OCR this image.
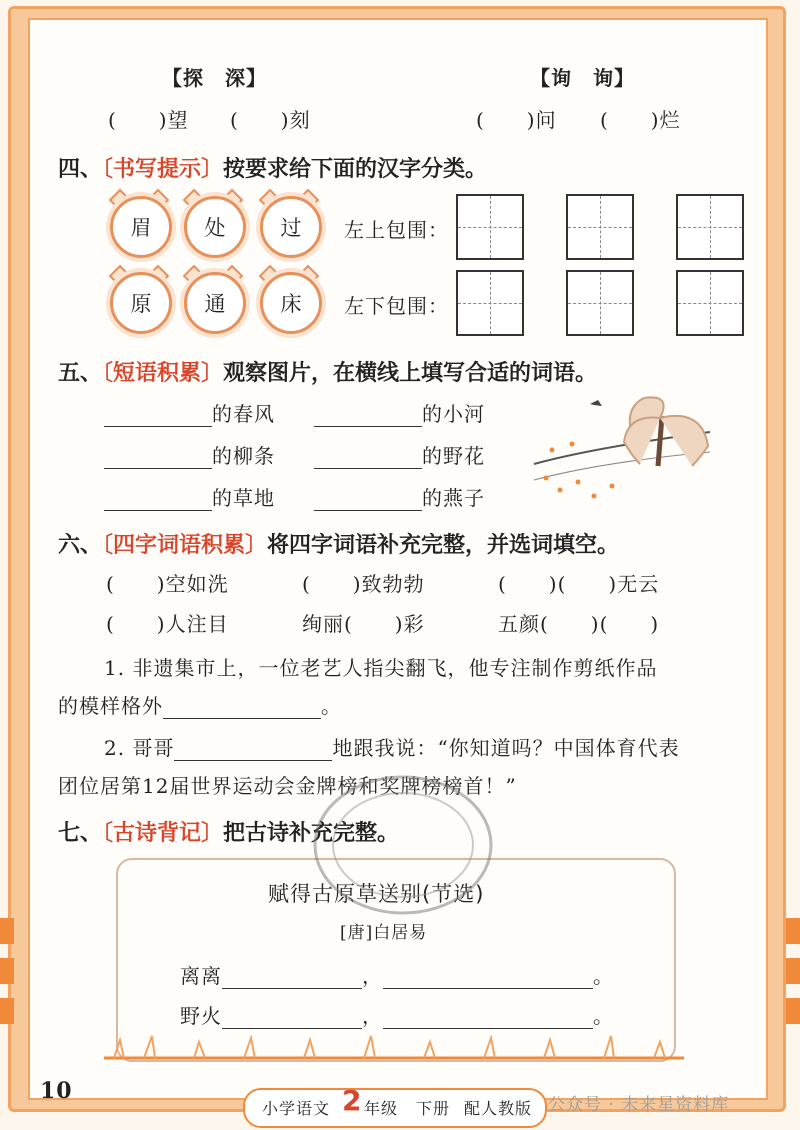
【探　深】	【询　询】
(　　)望 (　　)刻	(　　)问 (　　)烂
四、〔书写提示〕按要求给下面的汉字分类。
眉	处	过	左上包围：
原	通	床	左下包围：
五、〔短语积累〕观察图片，在横线上填写合适的词语。
的春风	的小河
的柳条	的野花
的草地	的燕子
六、〔四字词语积累〕将四字词语补充完整，并选词填空。
(　　)空如洗	(　　)致勃勃	(　　)(　　)无云
(　　)人注目	绚丽(　　)彩	五颜(　　)(　　)
1. 非遗集市上，一位老艺人指尖翻飞，他专注制作剪纸作品
的模样格外	。
2. 哥哥	地跟我说：“你知道吗？中国体育代表
团位居第12届世界运动会金牌榜和奖牌榜榜首！”
七、〔古诗背记〕把古诗补充完整。
赋得古原草送别(节选)
[唐]白居易
离离	，	。
野火	，	。
10
小学语文 2 年级 下册 配人教版 公众号 · 未来星资料库
